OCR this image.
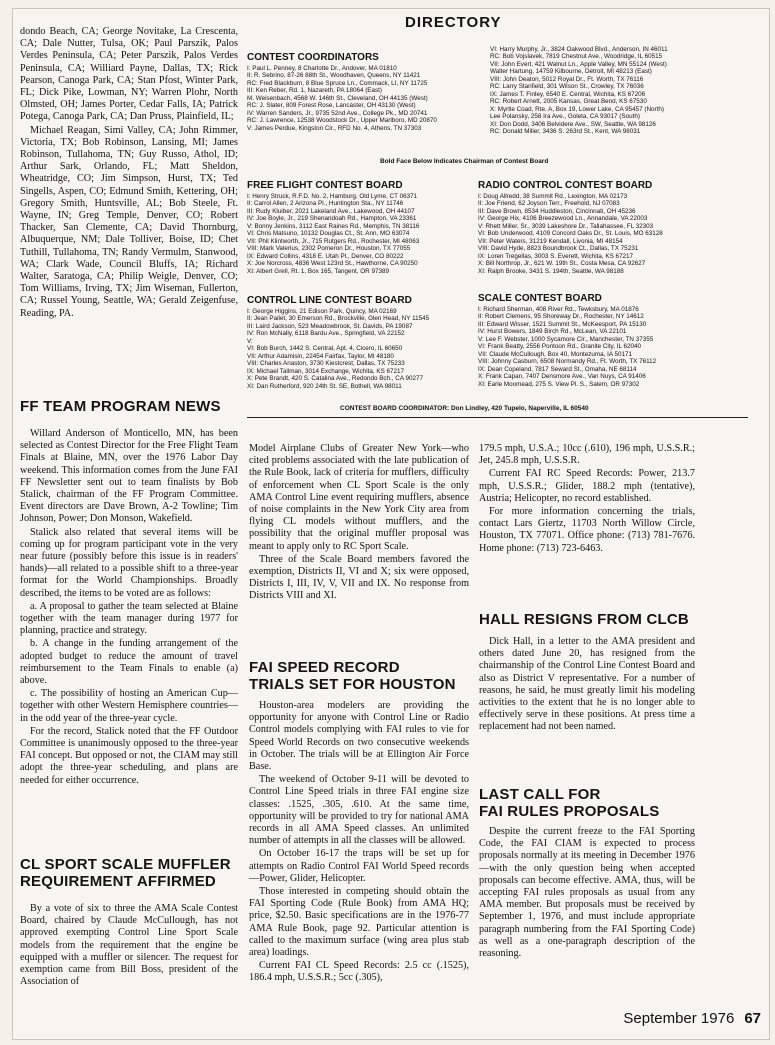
dondo Beach, CA; George Novitake, La Crescenta, CA; Dale Nutter, Tulsa, OK; Paul Parszik, Palos Verdes Peninsula, CA; Peter Parszik, Palos Verdes Peninsula, CA; Williard Payne, Dallas, TX; Rick Pearson, Canoga Park, CA; Stan Pfost, Winter Park, FL; Dick Pike, Lowman, NY; Warren Plohr, North Olmsted, OH; James Porter, Cedar Falls, IA; Patrick Potega, Canoga Park, CA; Dan Pruss, Plainfield, IL;

Michael Reagan, Simi Valley, CA; John Rimmer, Victoria, TX; Bob Robinson, Lansing, MI; James Robinson, Tullahoma, TN; Guy Russo, Athol, ID; Arthur Sark, Orlando, FL; Matt Sheldon, Wheatridge, CO; Jim Simpson, Hurst, TX; Ted Singells, Aspen, CO; Edmund Smith, Kettering, OH; Gregory Smith, Huntsville, AL; Bob Steele, Ft. Wayne, IN; Greg Temple, Denver, CO; Robert Thacker, San Clemente, CA; David Thornburg, Albuquerque, NM; Dale Tolliver, Boise, ID; Chet Tuthill, Tullahoma, TN; Randy Vermulm, Stanwood, WA; Clark Wade, Council Bluffs, IA; Richard Walter, Saratoga, CA; Philip Weigle, Denver, CO; Tom Williams, Irving, TX; Jim Wiseman, Fullerton, CA; Russel Young, Seattle, WA; Gerald Zeigenfuse, Reading, PA.

FF TEAM PROGRAM NEWS

Willard Anderson of Monticello, MN, has been selected as Contest Director for the Free Flight Team Finals at Blaine, MN, over the 1976 Labor Day weekend. This information comes from the June FAI FF Newsletter sent out to team finalists by Bob Stalick, chairman of the FF Program Committee. Event directors are Dave Brown, A-2 Towline; Tim Johnson, Power; Don Monson, Wakefield.

Stalick also related that several items will be coming up for program participant vote in the very near future (possibly before this issue is in readers' hands)—all related to a possible shift to a three-year format for the World Championships. Broadly described, the items to be voted are as follows:

a. A proposal to gather the team selected at Blaine together with the team manager during 1977 for planning, practice and strategy.

b. A change in the funding arrangement of the adopted budget to reduce the amount of travel reimbursement to the Team Finals to enable (a) above.

c. The possibility of hosting an American Cup—together with other Western Hemisphere countries—in the odd year of the three-year cycle.

For the record, Stalick noted that the FF Outdoor Committee is unanimously opposed to the three-year FAI concept. But opposed or not, the CIAM may still adopt the three-year scheduling, and plans are needed for either occurrence.

CL SPORT SCALE MUFFLER
REQUIREMENT AFFIRMED

By a vote of six to three the AMA Scale Contest Board, chaired by Claude McCullough, has not approved exempting Control Line Sport Scale models from the requirement that the engine be equipped with a muffler or silencer. The request for exemption came from Bill Boss, president of the Association of

DIRECTORY
CONTEST COORDINATORS
I: Paul L. Penney, 8 Charlotte Dr., Andover, MA 01810
II: R. Sebrino, 87-26 88th St., Woodhaven, Queens, NY 11421
RC: Fred Blackburn, 8 Blue Spruce Ln., Commack, LI, NY 11725
III: Ken Reber, Rd. 1, Nazareth, PA 18064 (East)
M. Weisenbach, 4568 W. 146th St., Cleveland, OH 44135 (West)
RC: J. Slater, 809 Forest Rose, Lancaster, OH 43130 (West)
IV: Warren Sanders, Jr., 9735 52nd Ave., College Pk., MD 20741
RC: J. Lawrence, 12538 Woodstock Dr., Upper Marlboro, MD 20870
V: James Perdue, Kingston Cir., RFD No. 4, Athens, TN 37303
VI: Harry Murphy, Jr., 3824 Oakwood Blvd., Anderson, IN 46011
RC: Bob Vojslavek, 7819 Chestnut Ave., Woodridge, IL 60515
VII: John Evert, 421 Walnut Ln., Apple Valley, MN 55124 (West)
Walter Hartung, 14759 Kilbourne, Detroit, MI 48213 (East)
VIII: John Deaton, 5012 Royal Dr., Ft. Worth, TX 76116
RC: Larry Stanfield, 301 Wilson St., Crowley, TX 76036
IX: James T. Finley, 6540 E. Central, Wichita, KS 67206
RC: Robert Arnett, 2005 Kansas, Great Bend, KS 67530
X: Myrtle Coad, Rte. A, Box 19, Lower Lake, CA 95457 (North)
Lee Polansky, 258 Ira Ave., Goleta, CA 93017 (South)
XI: Don Dodd, 3406 Belvidere Ave., SW, Seattle, WA 98126
RC: Donald Miller, 3436 S. 263rd St., Kent, WA 98031
Bold Face Below Indicates Chairman of Contest Board
FREE FLIGHT CONTEST BOARD
I: Henry Struck, R.F.D. No. 2, Hamburg, Old Lyme, CT 06371
II: Carrol Allen, 2 Arizona Pl., Huntington Sta., NY 11746
III: Rudy Kluiber, 2021 Lakeland Ave., Lakewood, OH 44107
IV: Joe Boyle, Jr., 219 Shenandoah Rd., Hampton, VA 23361
V: Bonny Jenkins, 3112 East Raines Rd., Memphis, TN 38116
VI: Chris Matsuno, 10132 Douglas Ct., St. Ann, MO 63074
VII: Phil Klintworth, Jr., 715 Rutgers Rd., Rochester, MI 48063
VIII: Mark Valerius, 2302 Pomeron Dr., Houston, TX 77055
IX: Edward Collins, 4318 E. Utah Pl., Denver, CO 80222
X: Joe Norcross, 4836 West 123rd St., Hawthorne, CA 90250
XI: Albert Grell, Rt. 1, Box 165, Tangent, OR 97389
RADIO CONTROL CONTEST BOARD
I: Doug Allredd, 38 Summit Rd., Lexington, MA 02173
II: Joe Friend, 62 Joyson Terr., Freehold, NJ 07083
III: Dave Brown, 8534 Huddleston, Cincinnati, OH 45236
IV: George Hix, 4106 Breezewood Ln., Annandale, VA 22003
V: Rhett Miller, Sr., 3039 Lakeshore Dr., Tallahassee, FL 32303
VI: Bob Underwood, 4109 Concord Oaks Dr., St. Louis, MO 63128
VII: Peter Waters, 31219 Kendall, Livonia, MI 48154
VIII: David Hyde, 8823 Boundbrook Ct., Dallas, TX 75231
IX: Loren Tregellas, 3003 S. Everett, Wichita, KS 67217
X: Bill Northrop, Jr., 621 W. 19th St., Costa Mesa, CA 92627
XI: Ralph Brooke, 3431 S. 194th, Seattle, WA 98188
CONTROL LINE CONTEST BOARD
I: George Higgins, 21 Edison Park, Quincy, MA 02169
II: Jean Pailet, 30 Emerson Rd., Brockville, Glen Head, NY 11545
III: Laird Jackson, 523 Meadowbrook, St. Davids, PA 19087
IV: Ron McNally, 6118 Bardu Ave., Springfield, VA 22152
V:
VI: Bob Burch, 1442 S. Central, Apt. 4, Cicero, IL 60650
VII: Arthur Adamisin, 22454 Fairfax, Taylor, MI 48180
VIII: Charles Anaston, 3730 Kiestcrest, Dallas, TX 75233
IX: Michael Tallman, 3014 Exchange, Wichita, KS 67217
X: Pete Brandt, 420 S. Catalina Ave., Redondo Bch., CA 90277
XI: Dan Rutherford, 920 24th St. SE, Bothell, WA 98011
SCALE CONTEST BOARD
I: Richard Sherman, 408 River Rd., Tewksbury, MA 01876
II: Robert Clemens, 95 Shoreway Dr., Rochester, NY 14612
III: Edward Wisser, 1521 Summit St., McKeesport, PA 15130
IV: Hurst Bowers, 1849 Birch Rd., McLean, VA 22101
V: Lee F. Webster, 1000 Sycamore Cir., Manchester, TN 37355
VI: Frank Beatty, 2556 Pontoon Rd., Granite City, IL 62040
VII: Claude McCullough, Box 40, Montezuma, IA 50171
VIII: Johnny Casburn, 6508 Normandy Rd., Ft. Worth, TX 76112
IX: Dean Copeland, 7817 Seward St., Omaha, NE 68114
X: Frank Capan, 7407 Densmore Ave., Van Nuys, CA 91406
XI: Earle Moomead, 275 S. View Pl. S., Salem, OR 97302
CONTEST BOARD COORDINATOR: Don Lindley, 420 Tupelo, Naperville, IL 60540

Model Airplane Clubs of Greater New York—who cited problems associated with the late publication of the Rule Book, lack of criteria for mufflers, difficulty of enforcement when CL Sport Scale is the only AMA Control Line event requiring mufflers, absence of noise complaints in the New York City area from flying CL models without mufflers, and the possibility that the original muffler proposal was meant to apply only to RC Sport Scale.

Three of the Scale Board members favored the exemption, Districts II, VI and X; six were opposed, Districts I, III, IV, V, VII and IX. No response from Districts VIII and XI.

FAI SPEED RECORD
TRIALS SET FOR HOUSTON

Houston-area modelers are providing the opportunity for anyone with Control Line or Radio Control models complying with FAI rules to vie for Speed World Records on two consecutive weekends in October. The trials will be at Ellington Air Force Base.

The weekend of October 9-11 will be devoted to Control Line Speed trials in three FAI engine size classes: .1525, .305, .610. At the same time, opportunity will be provided to try for national AMA records in all AMA Speed classes. An unlimited number of attempts in all the classes will be allowed.

On October 16-17 the traps will be set up for attempts on Radio Control FAI World Speed records—Power, Glider, Helicopter.

Those interested in competing should obtain the FAI Sporting Code (Rule Book) from AMA HQ; price, $2.50. Basic specifications are in the 1976-77 AMA Rule Book, page 92. Particular attention is called to the maximum surface (wing area plus stab area) loadings.

Current FAI CL Speed Records: 2.5 cc (.1525), 186.4 mph, U.S.S.R.; 5cc (.305),

179.5 mph, U.S.A.; 10cc (.610), 196 mph, U.S.S.R.; Jet, 245.8 mph, U.S.S.R.

Current FAI RC Speed Records: Power, 213.7 mph, U.S.S.R.; Glider, 188.2 mph (tentative), Austria; Helicopter, no record established.

For more information concerning the trials, contact Lars Giertz, 11703 North Willow Circle, Houston, TX 77071. Office phone: (713) 781-7676. Home phone: (713) 723-6463.

HALL RESIGNS FROM CLCB

Dick Hall, in a letter to the AMA president and others dated June 20, has resigned from the chairmanship of the Control Line Contest Board and also as District V representative. For a number of reasons, he said, he must greatly limit his modeling activities to the extent that he is no longer able to effectively serve in these positions. At press time a replacement had not been named.

LAST CALL FOR
FAI RULES PROPOSALS

Despite the current freeze to the FAI Sporting Code, the FAI CIAM is expected to process proposals normally at its meeting in December 1976—with the only question being when accepted proposals can become effective. AMA, thus, will be accepting FAI rules proposals as usual from any AMA member. But proposals must be received by September 1, 1976, and must include appropriate paragraph numbering from the FAI Sporting Code) as well as a one-paragraph description of the reasoning.

September 1976 67
